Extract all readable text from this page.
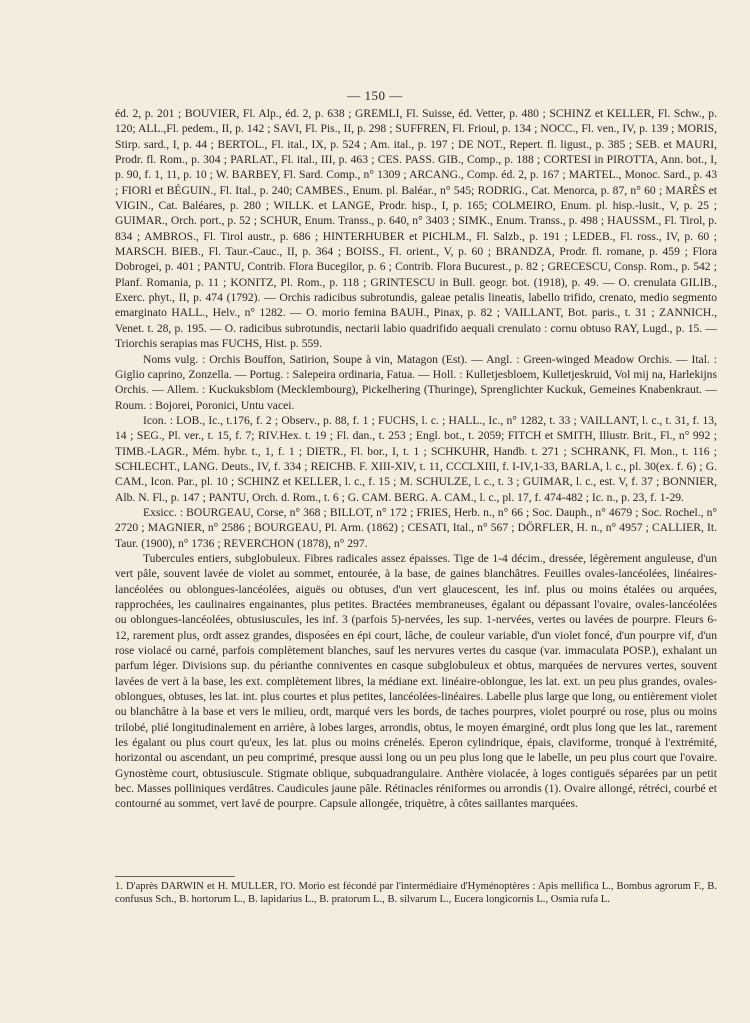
— 150 —

éd. 2, p. 201 ; BOUVIER, Fl. Alp., éd. 2, p. 638 ; GREMLI, Fl. Suisse, éd. Vetter, p. 480 ; SCHINZ et KELLER, Fl. Schw., p. 120; ALL.,Fl. pedem., II, p. 142 ; SAVI, Fl. Pis., II, p. 298 ; SUFFREN, Fl. Frioul, p. 134 ; NOCC., Fl. ven., IV, p. 139 ; MORIS, Stirp. sard., I, p. 44 ; BERTOL., Fl. ital., IX, p. 524 ; Am. ital., p. 197 ; DE NOT., Repert. fl. ligust., p. 385 ; SEB. et MAURI, Prodr. fl. Rom., p. 304 ; PARLAT., Fl. ital., III, p. 463 ; CES. PASS. GIB., Comp., p. 188 ; CORTESI in PIROTTA, Ann. bot., I, p. 90, f. 1, 11, p. 10 ; W. BARBEY, Fl. Sard. Comp., n° 1309 ; ARCANG., Comp. éd. 2, p. 167 ; MARTEL., Monoc. Sard., p. 43 ; FIORI et BÉGUIN., Fl. Ital., p. 240; CAMBES., Enum. pl. Baléar., n° 545; RODRIG., Cat. Menorca, p. 87, n° 60 ; MARÈS et VIGIN., Cat. Baléares, p. 280 ; WILLK. et LANGE, Prodr. hisp., I, p. 165; COLMEIRO, Enum. pl. hisp.-lusit., V, p. 25 ; GUIMAR., Orch. port., p. 52 ; SCHUR, Enum. Transs., p. 640, n° 3403 ; SIMK., Enum. Transs., p. 498 ; HAUSSM., Fl. Tirol, p. 834 ; AMBROS., Fl. Tirol austr., p. 686 ; HINTERHUBER et PICHLM., Fl. Salzb., p. 191 ; LEDEB., Fl. ross., IV, p. 60 ; MARSCH. BIEB., Fl. Taur.-Cauc., II, p. 364 ; BOISS., Fl. orient., V, p. 60 ; BRANDZA, Prodr. fl. romane, p. 459 ; Flora Dobrogei, p. 401 ; PANTU, Contrib. Flora Bucegilor, p. 6 ; Contrib. Flora Bucurest., p. 82 ; GRECESCU, Consp. Rom., p. 542 ; Planf. Romania, p. 11 ; KONITZ, Pl. Rom., p. 118 ; GRINTESCU in Bull. geogr. bot. (1918), p. 49. — O. crenulata GILIB., Exerc. phyt., II, p. 474 (1792). — Orchis radicibus subrotundis, galeae petalis lineatis, labello trifido, crenato, medio segmento emarginato HALL., Helv., n° 1282. — O. morio femina BAUH., Pinax, p. 82 ; VAILLANT, Bot. paris., t. 31 ; ZANNICH., Venet. t. 28, p. 195. — O. radicibus subrotundis, nectarii labio quadrifido aequali crenulato : cornu obtuso RAY, Lugd., p. 15. — Triorchis serapias mas FUCHS, Hist. p. 559.

Noms vulg. : Orchis Bouffon, Satirion, Soupe à vin, Matagon (Est). — Angl. : Green-winged Meadow Orchis. — Ital. : Giglio caprino, Zonzella. — Portug. : Salepeira ordinaria, Fatua. — Holl. : Kulletjesbloem, Kulletjeskruid, Vol mij na, Harlekijns Orchis. — Allem. : Kuckuksblom (Mecklembourg), Pickelhering (Thuringe), Sprenglichter Kuckuk, Gemeines Knabenkraut. — Roum. : Bojorei, Poronici, Untu vacei.

Icon. : LOB., Ic., t.176, f. 2 ; Observ., p. 88, f. 1 ; FUCHS, l. c. ; HALL., Ic., n° 1282, t. 33 ; VAILLANT, l. c., t. 31, f. 13, 14 ; SEG., Pl. ver., t. 15, f. 7; RIV.Hex. t. 19 ; Fl. dan., t. 253 ; Engl. bot., t. 2059; FITCH et SMITH, Illustr. Brit., Fl., n° 992 ; TIMB.-LAGR., Mém. hybr. t., 1, f. 1 ; DIETR., Fl. bor., I, t. 1 ; SCHKUHR, Handb. t. 271 ; SCHRANK, Fl. Mon., t. 116 ; SCHLECHT., LANG. Deuts., IV, f. 334 ; REICHB. F. XIII-XIV, t. 11, CCCLXIII, f. I-IV,1-33, BARLA, l. c., pl. 30(ex. f. 6) ; G. CAM., Icon. Par., pl. 10 ; SCHINZ et KELLER, l. c., f. 15 ; M. SCHULZE, l. c., t. 3 ; GUIMAR, l. c., est. V, f. 37 ; BONNIER, Alb. N. Fl., p. 147 ; PANTU, Orch. d. Rom., t. 6 ; G. CAM. BERG. A. CAM., l. c., pl. 17, f. 474-482 ; Ic. n., p. 23, f. 1-29.

Exsicc. : BOURGEAU, Corse, n° 368 ; BILLOT, n° 172 ; FRIES, Herb. n., n° 66 ; Soc. Dauph., n° 4679 ; Soc. Rochel., n° 2720 ; MAGNIER, n° 2586 ; BOURGEAU, Pl. Arm. (1862) ; CESATI, Ital., n° 567 ; DÖRFLER, H. n., n° 4957 ; CALLIER, It. Taur. (1900), n° 1736 ; REVERCHON (1878), n° 297.

Tubercules entiers, subglobuleux. Fibres radicales assez épaisses. Tige de 1-4 décim., dressée, légèrement anguleuse, d'un vert pâle, souvent lavée de violet au sommet, entourée, à la base, de gaines blanchâtres. Feuilles ovales-lancéolées, linéaires-lancéolées ou oblongues-lancéolées, aiguës ou obtuses, d'un vert glaucescent, les inf. plus ou moins étalées ou arquées, rapprochées, les caulinaires engainantes, plus petites. Bractées membraneuses, égalant ou dépassant l'ovaire, ovales-lancéolées ou oblongues-lancéolées, obtusiuscules, les inf. 3 (parfois 5)-nervées, les sup. 1-nervées, vertes ou lavées de pourpre. Fleurs 6-12, rarement plus, ordt assez grandes, disposées en épi court, lâche, de couleur variable, d'un violet foncé, d'un pourpre vif, d'un rose violacé ou carné, parfois complètement blanches, sauf les nervures vertes du casque (var. immaculata POSP.), exhalant un parfum léger. Divisions sup. du périanthe conniventes en casque subglobuleux et obtus, marquées de nervures vertes, souvent lavées de vert à la base, les ext. complètement libres, la médiane ext. linéaire-oblongue, les lat. ext. un peu plus grandes, ovales-oblongues, obtuses, les lat. int. plus courtes et plus petites, lancéolées-linéaires. Labelle plus large que long, ou entièrement violet ou blanchâtre à la base et vers le milieu, ordt, marqué vers les bords, de taches pourpres, violet pourpré ou rose, plus ou moins trilobé, plié longitudinalement en arrière, à lobes larges, arrondis, obtus, le moyen émarginé, ordt plus long que les lat., rarement les égalant ou plus court qu'eux, les lat. plus ou moins crénelés. Eperon cylindrique, épais, claviforme, tronqué à l'extrémité, horizontal ou ascendant, un peu comprimé, presque aussi long ou un peu plus long que le labelle, un peu plus court que l'ovaire. Gynostème court, obtusiuscule. Stigmate oblique, subquadrangulaire. Anthère violacée, à loges contiguës séparées par un petit bec. Masses polliniques verdâtres. Caudicules jaune pâle. Rétinacles réniformes ou arrondis (1). Ovaire allongé, rétréci, courbé et contourné au sommet, vert lavé de pourpre. Capsule allongée, triquètre, à côtes saillantes marquées.

1. D'après DARWIN et H. MULLER, l'O. Morio est fécondé par l'intermédiaire d'Hyménoptères : Apis mellifica L., Bombus agrorum F., B. confusus Sch., B. hortorum L., B. lapidarius L., B. pratorum L., B. silvarum L., Eucera longicornis L., Osmia rufa L.
